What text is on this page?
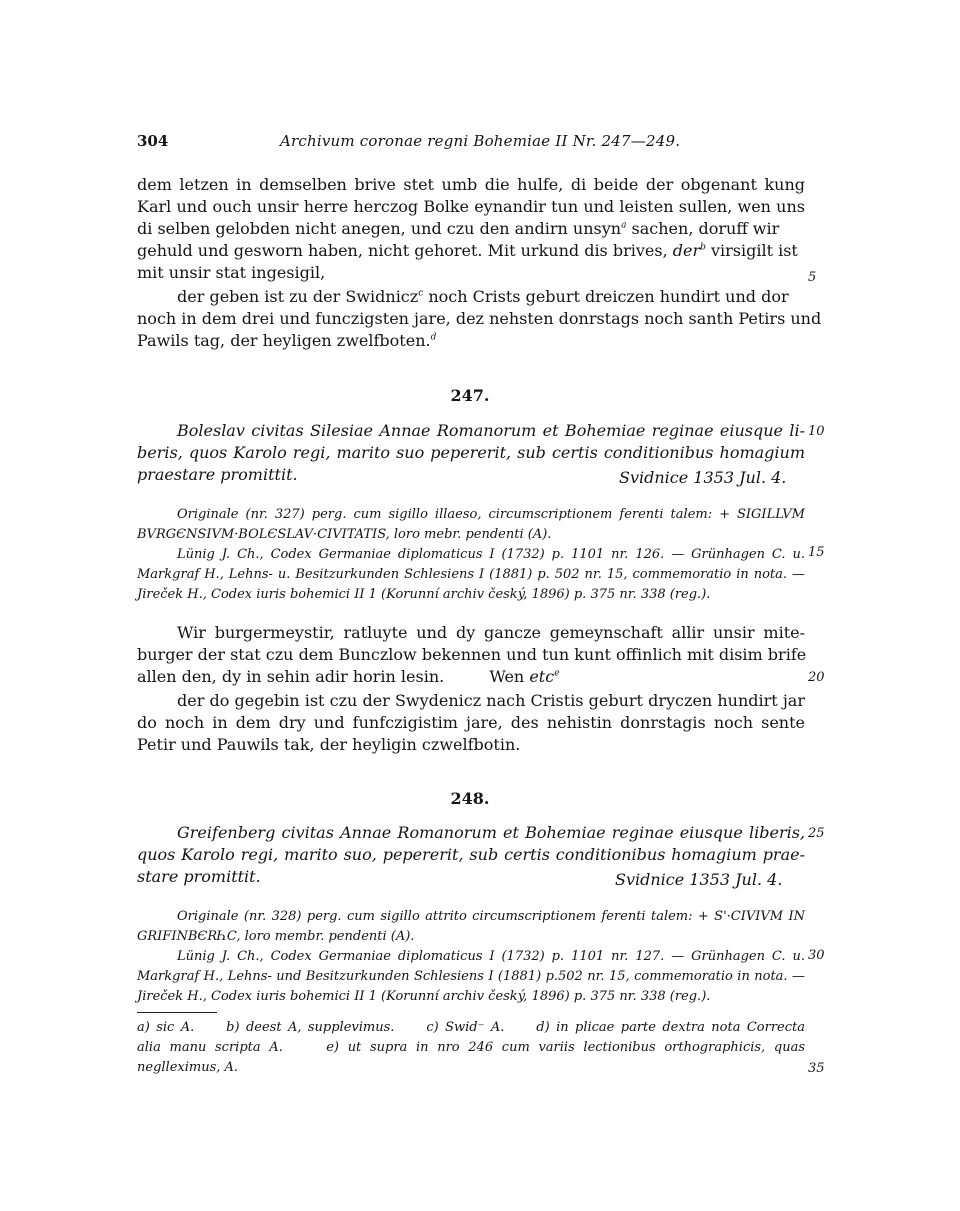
304	Archivum coronae regni Bohemiae II Nr. 247—249.
dem letzen in demselben brive stet umb die hulfe, di beide der obgenant kung
Karl und ouch unsir herre herczog Bolke eynandir tun und leisten sullen, wen uns
di selben gelobden nicht anegen, und czu den andirn unsyn$^a$ sachen, doruff wir
gehuld und gesworn haben, nicht gehoret. Mit urkund dis brives, der$^b$ virsigilt ist
mit unsir stat ingesigil,
der geben ist zu der Swidnicz$^c$ noch Crists geburt dreiczen hundirt und dor
noch in dem drei und funczigsten jare, dez nehsten donrstags noch santh Petirs und
Pawils tag, der heyligen zwelfboten.$^d$
247.
Boleslav civitas Silesiae Annae Romanorum et Bohemiae reginae eiusque li-
beris, quos Karolo regi, marito suo pepererit, sub certis conditionibus homagium
praestare promittit.	Svidnice 1353 Jul. 4.
Originale (nr. 327) perg. cum sigillo illaeso, circumscriptionem ferenti talem: + SIGILLVM
BVRGЄNSIVM·BOLЄSLAV·CIVITATIS, loro mebr. pendenti (A).
Lünig J. Ch., Codex Germaniae diplomaticus I (1732) p. 1101 nr. 126. — Grünhagen C. u.
Markgraf H., Lehns- u. Besitzurkunden Schlesiens I (1881) p. 502 nr. 15, commemoratio in nota. —
Jireček H., Codex iuris bohemici II 1 (Korunní archiv český, 1896) p. 375 nr. 338 (reg.).
Wir burgermeystir, ratluyte und dy gancze gemeynschaft allir unsir mite-
burger der stat czu dem Bunczlow bekennen und tun kunt offinlich mit disim brife
allen den, dy in sehin adir horin lesin.	Wen etc$^e$
der do gegebin ist czu der Swydenicz nach Cristis geburt dryczen hundirt jar
do noch in dem dry und funfczigistim jare, des nehistin donrstagis noch sente
Petir und Pauwils tak, der heyligin czwelfbotin.
248.
Greifenberg civitas Annae Romanorum et Bohemiae reginae eiusque liberis,
quos Karolo regi, marito suo, pepererit, sub certis conditionibus homagium prae-
stare promittit.	Svidnice 1353 Jul. 4.
Originale (nr. 328) perg. cum sigillo attrito circumscriptionem ferenti talem: + S'·CIVIVM IN
GRIFINBЄRҺC, loro membr. pendenti (A).
Lünig J. Ch., Codex Germaniae diplomaticus I (1732) p. 1101 nr. 127. — Grünhagen C. u.
Markgraf H., Lehns- und Besitzurkunden Schlesiens I (1881) p.502 nr. 15, commemoratio in nota. —
Jireček H., Codex iuris bohemici II 1 (Korunní archiv český, 1896) p. 375 nr. 338 (reg.).
a) sic A.     b) deest A, supplevimus.     c) Swid⁻ A.     d) in plicae parte dextra nota Correcta
alia manu scripta A.     e) ut supra in nro 246 cum variis lectionibus orthographicis, quas
neglleximus, A.
5
10
15
20
25
30
35
